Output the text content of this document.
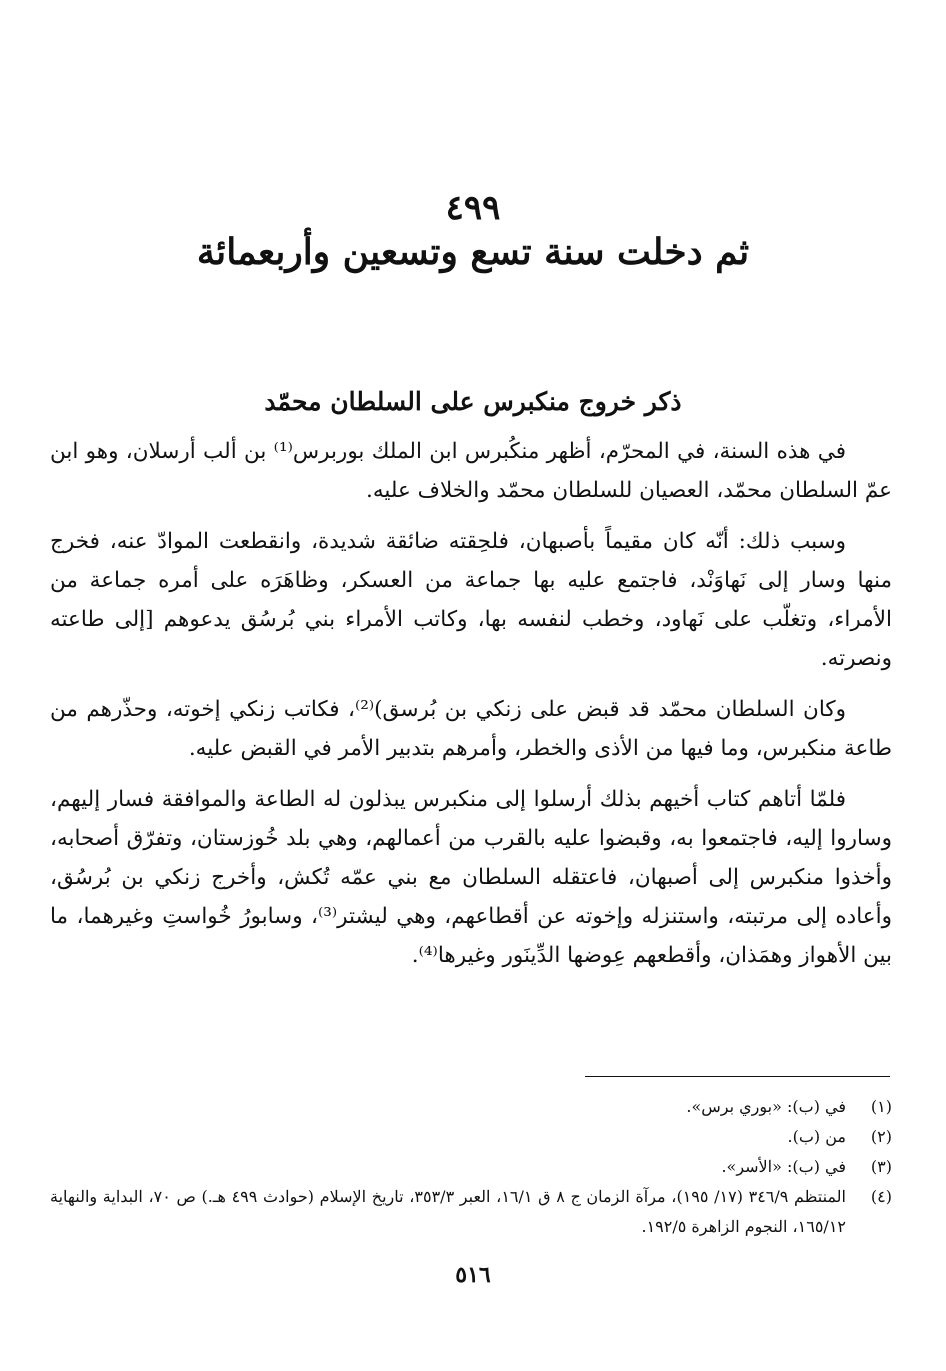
٤٩٩
ثم دخلت سنة تسع وتسعين وأربعمائة
ذكر خروج منكبرس على السلطان محمّد

في هذه السنة، في المحرّم، أظهر منكُبرس ابن الملك بوربرس⁽¹⁾ بن ألب أرسلان، وهو ابن عمّ السلطان محمّد، العصيان للسلطان محمّد والخلاف عليه.

وسبب ذلك: أنّه كان مقيماً بأصبهان، فلحِقته ضائقة شديدة، وانقطعت الموادّ عنه، فخرج منها وسار إلى نَهاوَنْد، فاجتمع عليه بها جماعة من العسكر، وظاهَرَه على أمره جماعة من الأمراء، وتغلّب على نَهاود، وخطب لنفسه بها، وكاتب الأمراء بني بُرسُق يدعوهم [إلى طاعته ونصرته.

وكان السلطان محمّد قد قبض على زنكي بن بُرسق)⁽²⁾، فكاتب زنكي إخوته، وحذّرهم من طاعة منكبرس، وما فيها من الأذى والخطر، وأمرهم بتدبير الأمر في القبض عليه.

فلمّا أتاهم كتاب أخيهم بذلك أرسلوا إلى منكبرس يبذلون له الطاعة والموافقة فسار إليهم، وساروا إليه، فاجتمعوا به، وقبضوا عليه بالقرب من أعمالهم، وهي بلد خُوزستان، وتفرّق أصحابه، وأخذوا منكبرس إلى أصبهان، فاعتقله السلطان مع بني عمّه تُكش، وأخرج زنكي بن بُرسُق، وأعاده إلى مرتبته، واستنزله وإخوته عن أقطاعهم، وهي ليشتر⁽³⁾، وسابورُ خُواستِ وغيرهما، ما بين الأهواز وهمَذان، وأقطعهم عِوضها الدِّينَور وغيرها⁽⁴⁾.

(١)
في (ب): «بوري برس».
(٢)
من (ب).
(٣)
في (ب): «الأسر».
(٤)
المنتظم ٣٤٦/٩ (١٧/ ١٩٥)، مرآة الزمان ج ٨ ق ١٦/١، العبر ٣٥٣/٣، تاريخ الإسلام (حوادث ٤٩٩ هـ.) ص ٧٠، البداية والنهاية ١٦٥/١٢، النجوم الزاهرة ١٩٢/٥.
٥١٦
